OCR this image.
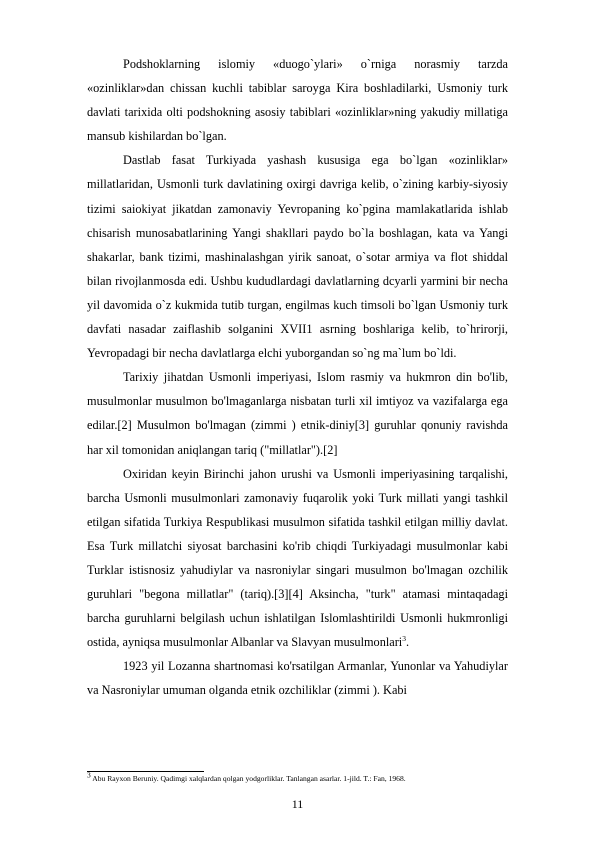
Podshoklarning islomiy «duogo`ylari» o`rniga norasmiy tarzda «ozinliklar»dan chissan kuchli tabiblar saroyga Kira boshladilarki, Usmoniy turk davlati tarixida olti podshokning asosiy tabiblari «ozinliklar»ning yakudiy millatiga mansub kishilardan bo`lgan.

Dastlab fasat Turkiyada yashash kususiga ega bo`lgan «ozinliklar» millatlaridan, Usmonli turk davlatining oxirgi davriga kelib, o`zining karbiy-siyosiy tizimi saiokiyat jikatdan zamonaviy Yevropaning ko`pgina mamlakatlarida ishlab chisarish munosabatlarining Yangi shakllari paydo bo`la boshlagan, kata va Yangi shakarlar, bank tizimi, mashinalashgan yirik sanoat, o`sotar armiya va flot shiddal bilan rivojlanmosda edi. Ushbu kududlardagi davlatlarning dcyarli yarmini bir necha yil davomida o`z kukmida tutib turgan, engilmas kuch timsoli bo`lgan Usmoniy turk davfati nasadar zaiflashib solganini XVII1 asrning boshlariga kelib, to`hrirorji, Yevropadagi bir necha davlatlarga elchi yuborgandan so`ng ma`lum bo`ldi.

Tarixiy jihatdan Usmonli imperiyasi, Islom rasmiy va hukmron din bo'lib, musulmonlar musulmon bo'lmaganlarga nisbatan turli xil imtiyoz va vazifalarga ega edilar.[2] Musulmon bo'lmagan (zimmi ) etnik-diniy[3] guruhlar qonuniy ravishda har xil tomonidan aniqlangan tariq ("millatlar").[2]

Oxiridan keyin Birinchi jahon urushi va Usmonli imperiyasining tarqalishi, barcha Usmonli musulmonlari zamonaviy fuqarolik yoki Turk millati yangi tashkil etilgan sifatida Turkiya Respublikasi musulmon sifatida tashkil etilgan milliy davlat. Esa Turk millatchi siyosat barchasini ko'rib chiqdi Turkiyadagi musulmonlar kabi Turklar istisnosiz yahudiylar va nasroniylar singari musulmon bo'lmagan ozchilik guruhlari "begona millatlar" (tariq).[3][4] Aksincha, "turk" atamasi mintaqadagi barcha guruhlarni belgilash uchun ishlatilgan Islomlashtirildi Usmonli hukmronligi ostida, ayniqsa musulmonlar Albanlar va Slavyan musulmonlari$^3$.

1923 yil Lozanna shartnomasi ko'rsatilgan Armanlar, Yunonlar va Yahudiylar va Nasroniylar umuman olganda etnik ozchiliklar (zimmi ). Kabi

3 Abu Rayxon Beruniy. Qadimgi xalqlardan qolgan yodgorliklar. Tanlangan asarlar. 1-jild. T.: Fan, 1968.
11
